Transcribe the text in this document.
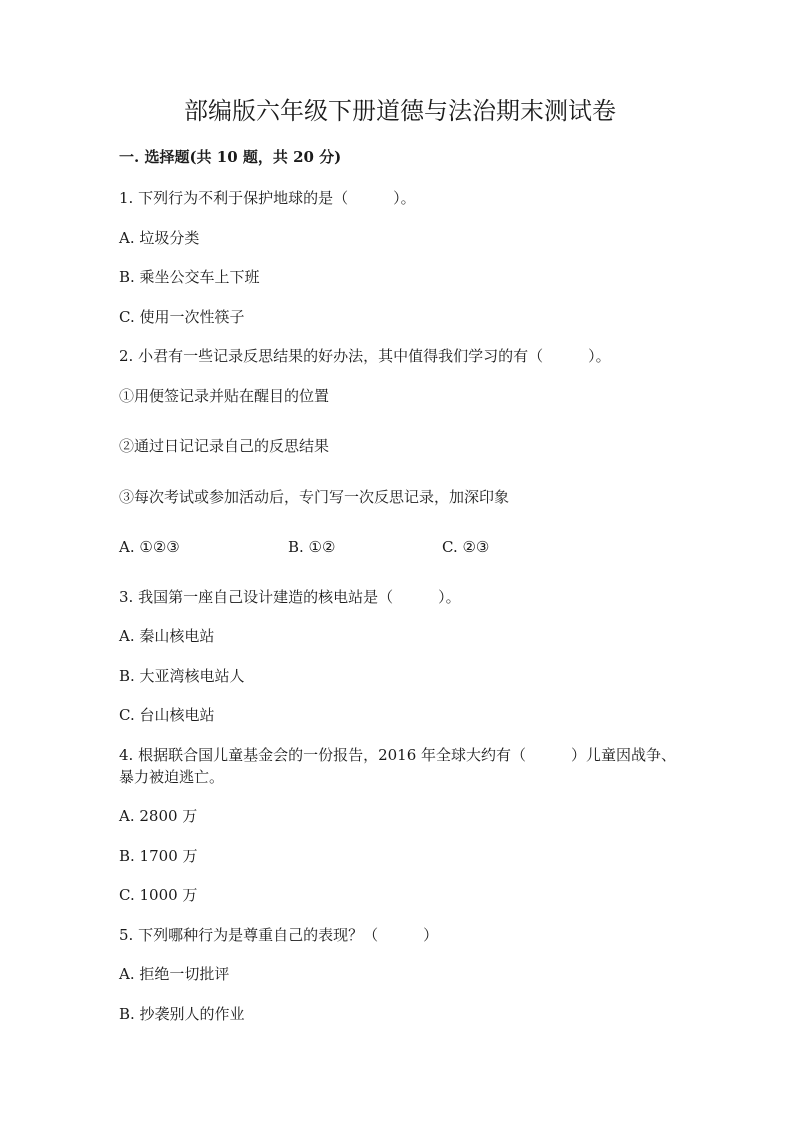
部编版六年级下册道德与法治期末测试卷
一. 选择题(共 10 题，共 20 分)
1. 下列行为不利于保护地球的是（　　　）。
A. 垃圾分类
B. 乘坐公交车上下班
C. 使用一次性筷子
2. 小君有一些记录反思结果的好办法，其中值得我们学习的有（　　　）。
①用便签记录并贴在醒目的位置
②通过日记记录自己的反思结果
③每次考试或参加活动后，专门写一次反思记录，加深印象
A. ①②③	B. ①②	C. ②③
3. 我国第一座自己设计建造的核电站是（　　　）。
A. 秦山核电站
B. 大亚湾核电站人
C. 台山核电站
4. 根据联合国儿童基金会的一份报告，2016 年全球大约有（　　　）儿童因战争、暴力被迫逃亡。
A. 2800 万
B. 1700 万
C. 1000 万
5. 下列哪种行为是尊重自己的表现？（　　　）
A. 拒绝一切批评
B. 抄袭别人的作业
